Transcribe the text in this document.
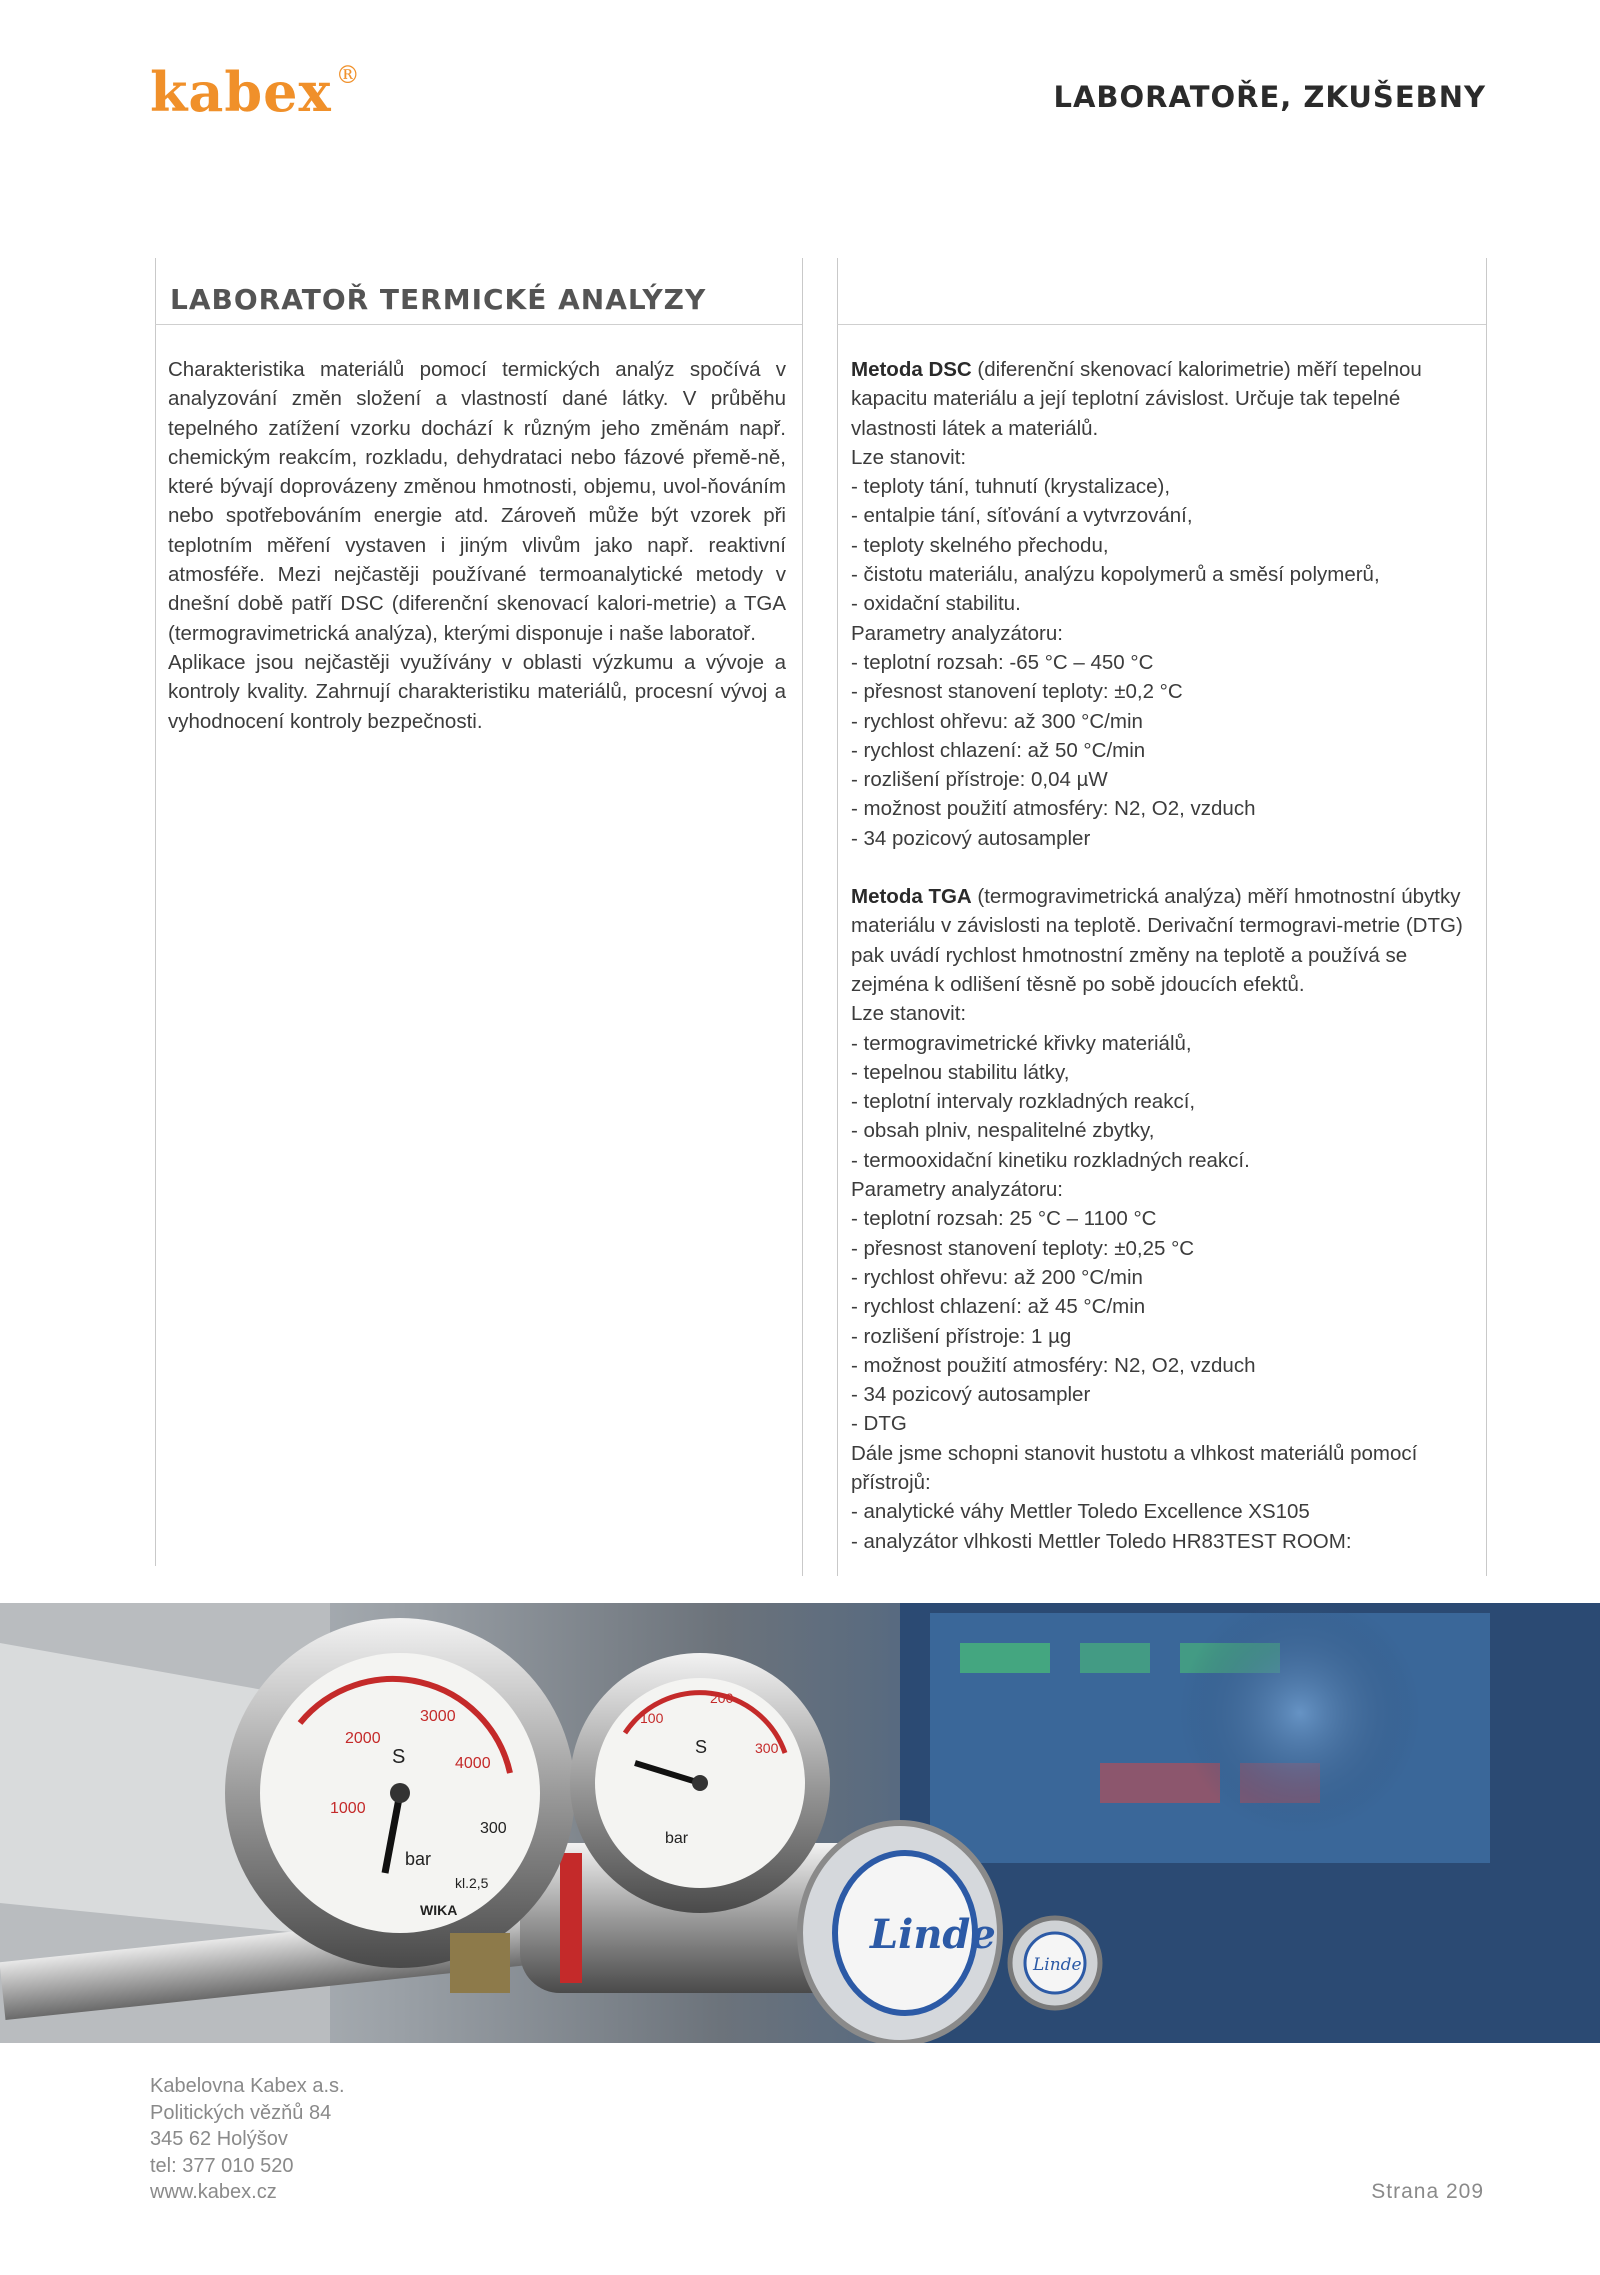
kabex ®
LABORATOŘE, ZKUŠEBNY
LABORATOŘ TERMICKÉ ANALÝZY

Charakteristika materiálů pomocí termických analýz spočívá v analyzování změn složení a vlastností dané látky. V průběhu tepelného zatížení vzorku dochází k různým jeho změnám např. chemickým reakcím, rozkladu, dehydrataci nebo fázové přemě-ně, které bývají doprovázeny změnou hmotnosti, objemu, uvol-ňováním nebo spotřebováním energie atd. Zároveň může být vzorek při teplotním měření vystaven i jiným vlivům jako např. reaktivní atmosféře. Mezi nejčastěji používané termoanalytické metody v dnešní době patří DSC (diferenční skenovací kalori-metrie) a TGA (termogravimetrická analýza), kterými disponuje i naše laboratoř.

Aplikace jsou nejčastěji využívány v oblasti výzkumu a vývoje a kontroly kvality. Zahrnují charakteristiku materiálů, procesní vývoj a vyhodnocení kontroly bezpečnosti.

Metoda DSC (diferenční skenovací kalorimetrie) měří tepelnou kapacitu materiálu a její teplotní závislost. Určuje tak tepelné vlastnosti látek a materiálů.

Lze stanovit:

- teploty tání, tuhnutí (krystalizace),

- entalpie tání, síťování a vytvrzování,

- teploty skelného přechodu,

- čistotu materiálu, analýzu kopolymerů a směsí polymerů,

- oxidační stabilitu.

Parametry analyzátoru:

- teplotní rozsah: -65 °C – 450 °C

- přesnost stanovení teploty: ±0,2 °C

- rychlost ohřevu: až 300 °C/min

- rychlost chlazení: až 50 °C/min

- rozlišení přístroje: 0,04 µW

- možnost použití atmosféry: N2, O2, vzduch

- 34 pozicový autosampler

Metoda TGA (termogravimetrická analýza) měří hmotnostní úbytky materiálu v závislosti na teplotě. Derivační termogravi-metrie (DTG) pak uvádí rychlost hmotnostní změny na teplotě a používá se zejména k odlišení těsně po sobě jdoucích efektů.

Lze stanovit:

- termogravimetrické křivky materiálů,

- tepelnou stabilitu látky,

- teplotní intervaly rozkladných reakcí,

- obsah plniv, nespalitelné zbytky,

- termooxidační kinetiku rozkladných reakcí.

Parametry analyzátoru:

- teplotní rozsah: 25 °C – 1100 °C

- přesnost stanovení teploty: ±0,25 °C

- rychlost ohřevu: až 200 °C/min

- rychlost chlazení: až 45 °C/min

- rozlišení přístroje: 1 µg

- možnost použití atmosféry: N2, O2, vzduch

- 34 pozicový autosampler

- DTG

Dále jsme schopni stanovit hustotu a vlhkost materiálů pomocí přístrojů:

- analytické váhy Mettler Toledo Excellence XS105

- analyzátor vlhkosti Mettler Toledo HR83TEST ROOM:

Linde
Linde
1000
2000
3000
4000
300
S
bar
kl.2,5
WIKA
100
200
300
S
bar
Kabelovna Kabex a.s.
Politických vězňů 84
345 62 Holýšov
tel: 377 010 520
www.kabex.cz	Strana 209
